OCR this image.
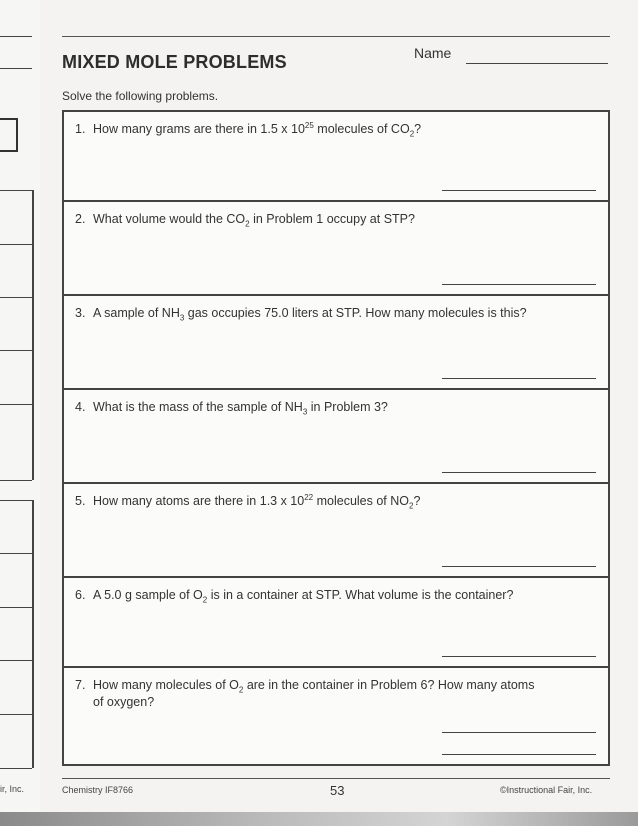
ir, Inc.
MIXED MOLE PROBLEMS	Name
Solve the following problems.
1. How many grams are there in 1.5 x $10^{25}$ molecules of $CO_2$?
2. What volume would the $CO_2$ in Problem 1 occupy at STP?
3. A sample of $NH_3$ gas occupies 75.0 liters at STP. How many molecules is this?
4. What is the mass of the sample of $NH_3$ in Problem 3?
5. How many atoms are there in 1.3 x $10^{22}$ molecules of $NO_2$?
6. A 5.0 g sample of $O_2$ is in a container at STP. What volume is the container?
7. How many molecules of $O_2$ are in the container in Problem 6? How many atoms
of oxygen?
Chemistry IF8766	53	©Instructional Fair, Inc.
